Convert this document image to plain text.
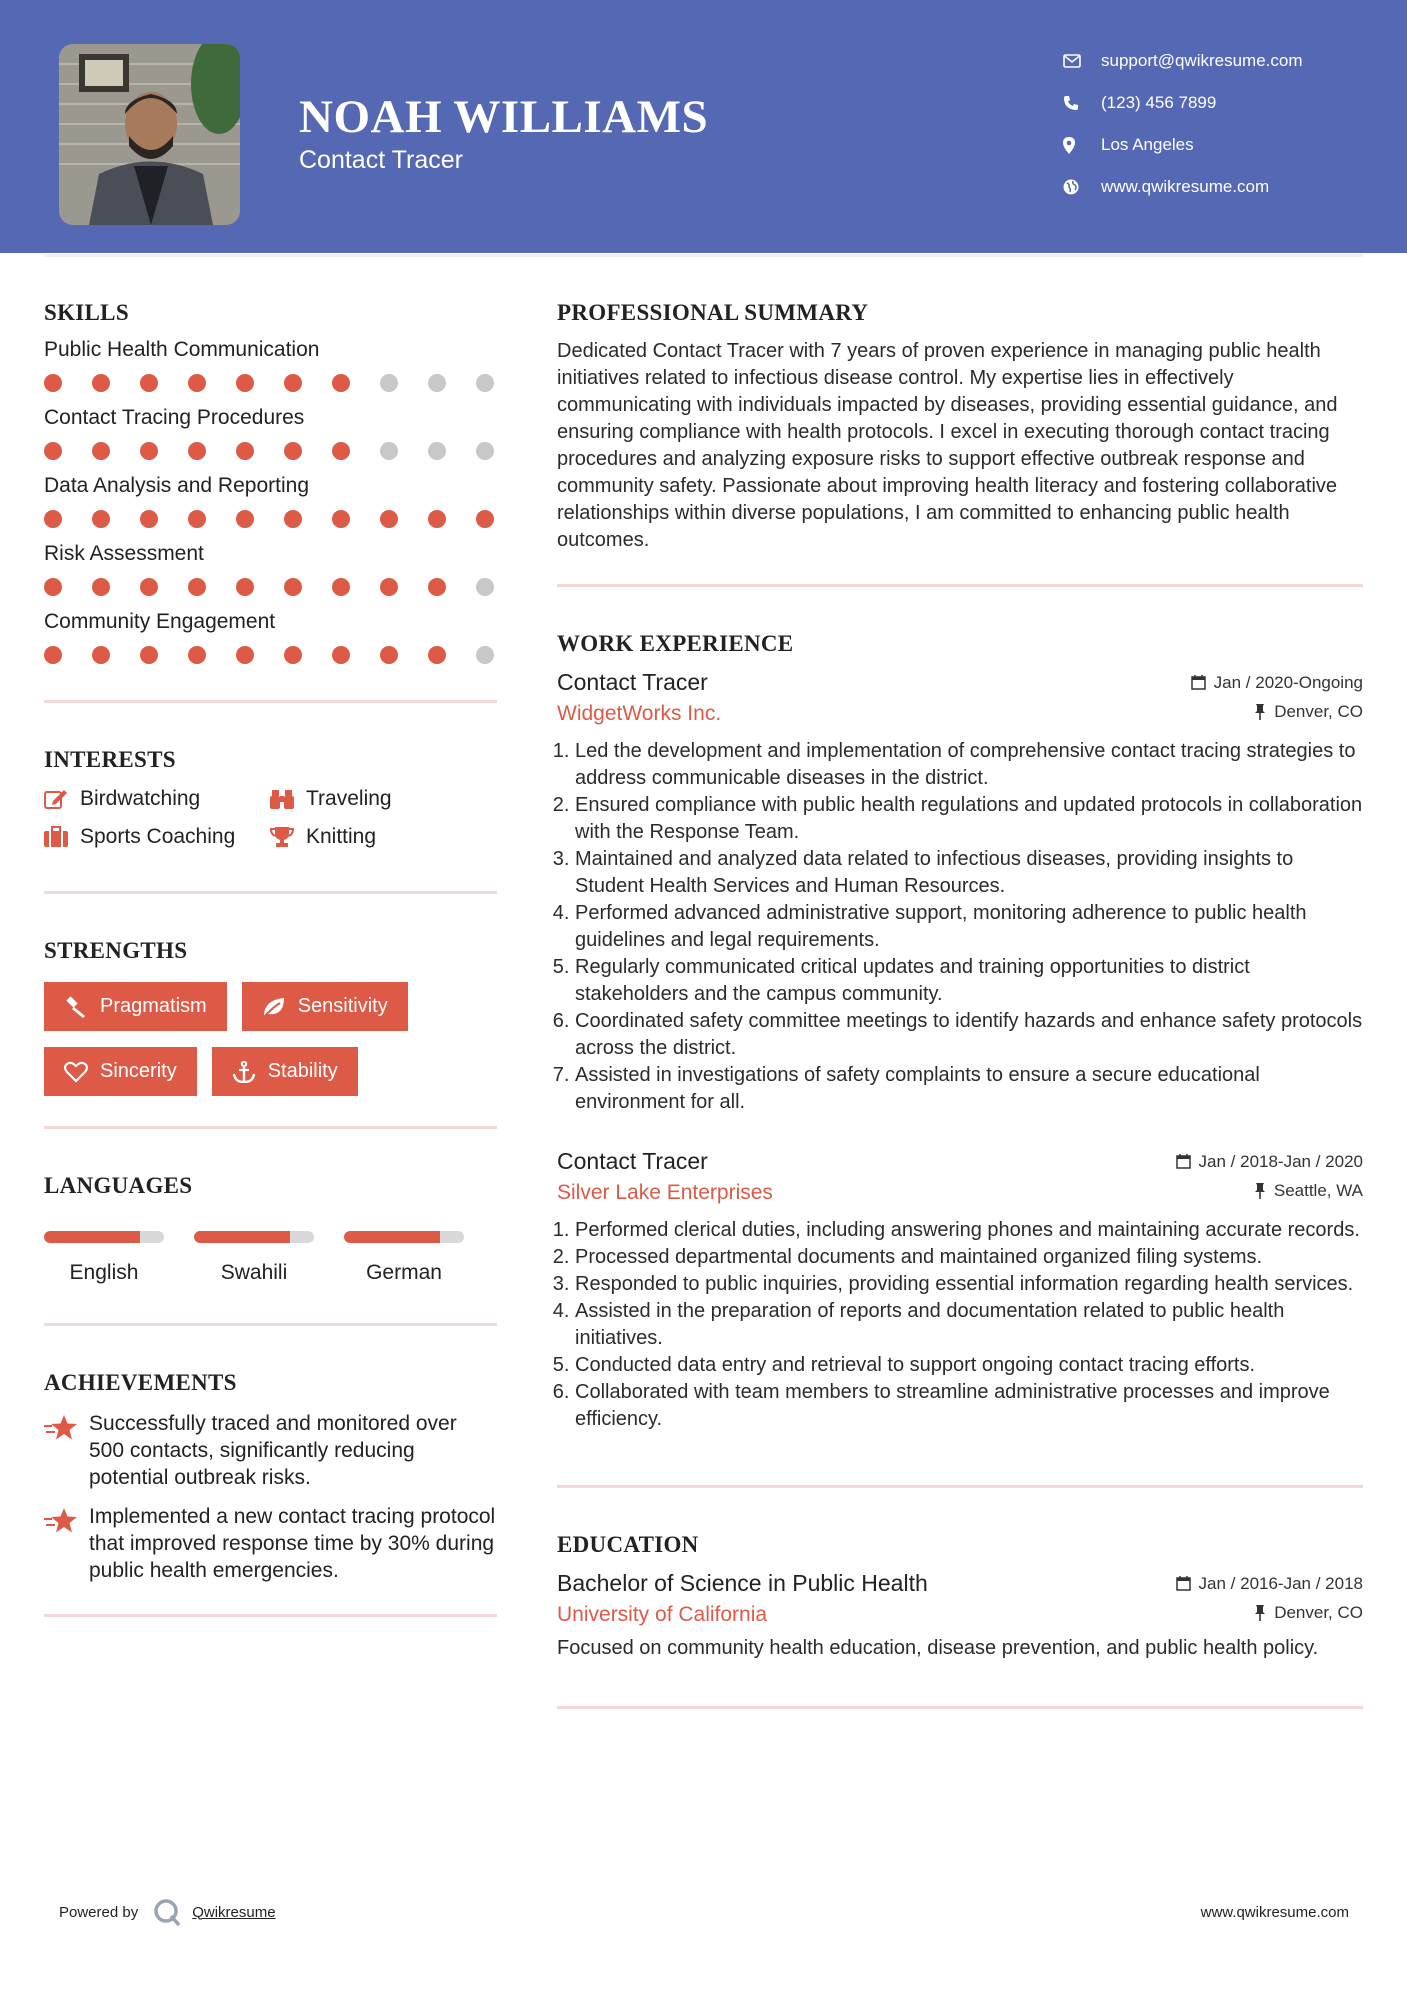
NOAH WILLIAMS
Contact Tracer
support@qwikresume.com
(123) 456 7899
Los Angeles
www.qwikresume.com
SKILLS
Public Health Communication
Contact Tracing Procedures
Data Analysis and Reporting
Risk Assessment
Community Engagement
INTERESTS
Birdwatching	Traveling
Sports Coaching	Knitting
STRENGTHS
Pragmatism	Sensitivity
Sincerity	Stability
LANGUAGES
English	Swahili	German
ACHIEVEMENTS
Successfully traced and monitored over 500 contacts, significantly reducing potential outbreak risks.
Implemented a new contact tracing protocol that improved response time by 30% during public health emergencies.
PROFESSIONAL SUMMARY
Dedicated Contact Tracer with 7 years of proven experience in managing public health initiatives related to infectious disease control. My expertise lies in effectively communicating with individuals impacted by diseases, providing essential guidance, and ensuring compliance with health protocols. I excel in executing thorough contact tracing procedures and analyzing exposure risks to support effective outbreak response and community safety. Passionate about improving health literacy and fostering collaborative relationships within diverse populations, I am committed to enhancing public health outcomes.
WORK EXPERIENCE
Contact Tracer	Jan / 2020-Ongoing
WidgetWorks Inc.	Denver, CO
1. Led the development and implementation of comprehensive contact tracing strategies to address communicable diseases in the district.
2. Ensured compliance with public health regulations and updated protocols in collaboration with the Response Team.
3. Maintained and analyzed data related to infectious diseases, providing insights to Student Health Services and Human Resources.
4. Performed advanced administrative support, monitoring adherence to public health guidelines and legal requirements.
5. Regularly communicated critical updates and training opportunities to district stakeholders and the campus community.
6. Coordinated safety committee meetings to identify hazards and enhance safety protocols across the district.
7. Assisted in investigations of safety complaints to ensure a secure educational environment for all.
Contact Tracer	Jan / 2018-Jan / 2020
Silver Lake Enterprises	Seattle, WA
1. Performed clerical duties, including answering phones and maintaining accurate records.
2. Processed departmental documents and maintained organized filing systems.
3. Responded to public inquiries, providing essential information regarding health services.
4. Assisted in the preparation of reports and documentation related to public health initiatives.
5. Conducted data entry and retrieval to support ongoing contact tracing efforts.
6. Collaborated with team members to streamline administrative processes and improve efficiency.
EDUCATION
Bachelor of Science in Public Health	Jan / 2016-Jan / 2018
University of California	Denver, CO
Focused on community health education, disease prevention, and public health policy.
Powered by	Qwikresume	www.qwikresume.com
